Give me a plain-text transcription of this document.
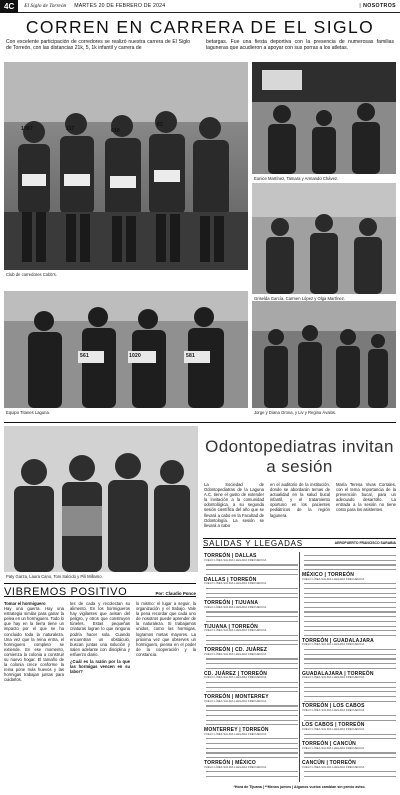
4C	El Siglo de Torreón MARTES 20 DE FEBRERO DE 2024
|	NOSOTROS
CORREN EN CARRERA DE EL SIGLO

Con excelente participación de corredores se realizó nuestra carrera de El Siglo de Torreón, con las distancias 21k, 5, 1k infantil y carrera de

betargas. Fue una fiesta deportiva con la presencia de numerosas familias laguneras que acudieron a apoyar con sus porras a los atletas.

1387	117	616
62
Club de corredores Cobb's.
Eunice Martínez, Tamara y Armando Chávez.
Griselda García, Carmen López y Olga Martínez.
561	1020	581
Equipo Titanes Laguna.	Jorge y Diana Orona, y Liv y Regina Ávalos.
Paty Garza, Laura Cano, Toni Salcido y Pili Millamo.
VIBREMOS POSITIVO	Por: Claudio Ponce

Tomar el hormiguero

Hay una guerra. Hay una estrategia similar para ganar la pelea en un hormiguero. Todo lo que hay en la tierra tiene un impacto por el que se ha concluido toda la naturaleza. Una vez que la reina entra, el hormiguero completo se extiende. En ese momento, comienza la colonia a construir su nuevo hogar. El tamaño de la colonia crece conforme la reina pone más huevos y las hormigas trabajan juntas para cuidarlos.

tes de cada y recolectan su alimento. En los hormigueros hay vigilantes que avisan del peligro, y otros que construyen túneles. Estas pequeñas criaturas logran lo que ninguna podría hacer sola. Cuando encuentran un obstáculo, buscan juntas una solución y salen adelante con disciplina y esfuerzo diario.

¿Cuál es la razón por la que las hormigas vencen en su labor?

lo mismo: el lugar a seguir, la organización y el trabajo. Vale la pena recordar que cada uno de nosotros puede aprender de la naturaleza. Si trabajamos unidos, como las hormigas, logramos metas mayores. La próxima vez que observes un hormiguero, piensa en el poder de la cooperación y la constancia.

Odontopediatras invitan a sesión

La Sociedad de Odontopediatras de la Laguna A.C. tiene el gusto de extender la invitación a la comunidad odontológica, a su segunda sesión científica del año que se llevará a cabo en la Facultad de Odontología. La sesión se llevará a cabo

en el auditorio de la institución, donde se abordarán temas de actualidad en la salud bucal infantil, y el tratamiento oportuno en los pacientes pediátricos de la región lagunera.

María Teresa Vivas Corrales, con el tema Importancia de la prevención bucal, para un adecuado desarrollo. La entrada a la sesión no tiene costo para los asistentes.

SALIDAS Y LLEGADAS	AEROPUERTO FRANCISCO SARABIA
TORREÓN | DALLAS
VUELO LÍNEA SALIDA LLEGADA FRECUENCIA
DALLAS | TORREÓN
VUELO LÍNEA SALIDA LLEGADA FRECUENCIA
TORREÓN | TIJUANA
VUELO LÍNEA SALIDA LLEGADA FRECUENCIA
TIJUANA | TORREÓN
VUELO LÍNEA SALIDA LLEGADA FRECUENCIA
TORREÓN | CD. JUÁREZ
VUELO LÍNEA SALIDA LLEGADA FRECUENCIA
CD. JUÁREZ | TORREÓN
VUELO LÍNEA SALIDA LLEGADA FRECUENCIA
TORREÓN | MONTERREY
VUELO LÍNEA SALIDA LLEGADA FRECUENCIA
MONTERREY | TORREÓN
VUELO LÍNEA SALIDA LLEGADA FRECUENCIA
TORREÓN | MÉXICO
VUELO LÍNEA SALIDA LLEGADA FRECUENCIA
MÉXICO | TORREÓN
VUELO LÍNEA SALIDA LLEGADA FRECUENCIA
TORREÓN | GUADALAJARA
VUELO LÍNEA SALIDA LLEGADA FRECUENCIA
GUADALAJARA | TORREÓN
VUELO LÍNEA SALIDA LLEGADA FRECUENCIA
TORREÓN | LOS CABOS
VUELO LÍNEA SALIDA LLEGADA FRECUENCIA
LOS CABOS | TORREÓN
VUELO LÍNEA SALIDA LLEGADA FRECUENCIA
TORREÓN | CANCÚN
VUELO LÍNEA SALIDA LLEGADA FRECUENCIA
CANCÚN | TORREÓN
VUELO LÍNEA SALIDA LLEGADA FRECUENCIA
*Hora de Tijuana | **Menos jueves | Algunos vuelos cambian sin previo aviso.
